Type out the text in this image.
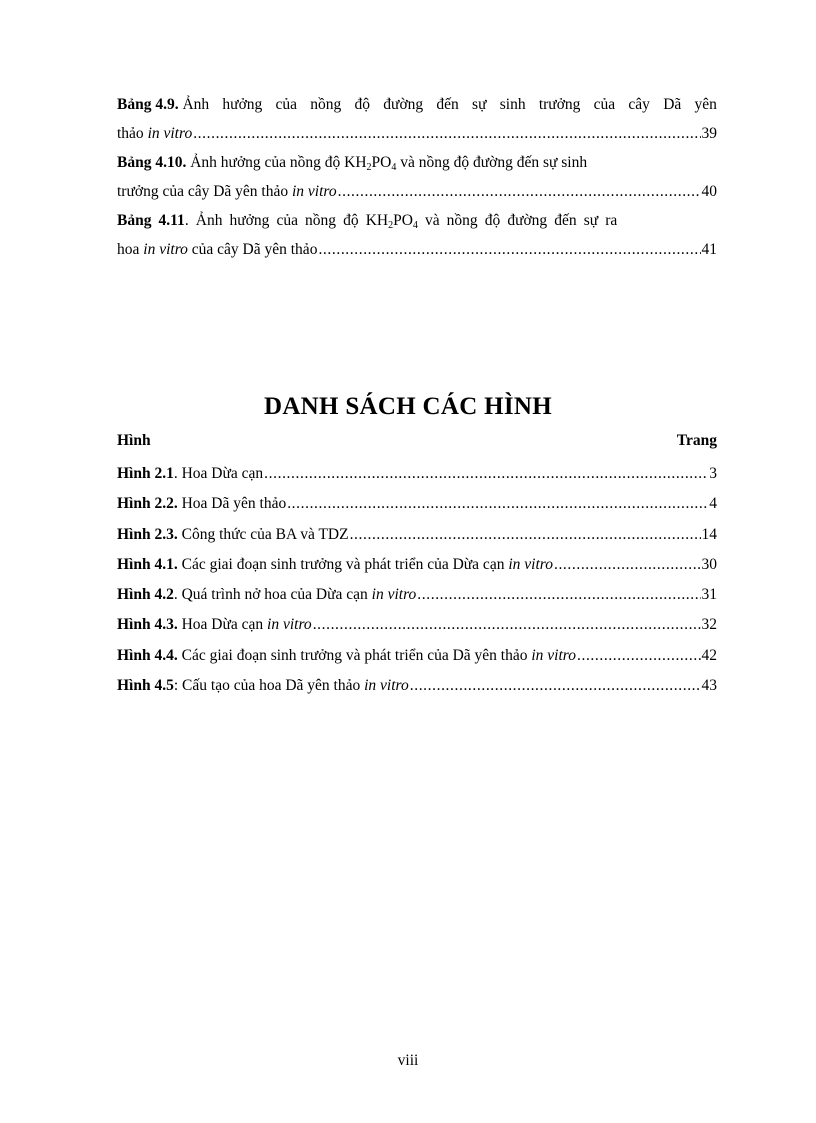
Bảng 4.9. Ảnh hưởng của nồng độ đường đến sự sinh trưởng của cây Dã yên
thảo in vitro .....	39
Bảng 4.10. Ảnh hưởng của nồng độ $KH_2PO_4$ và nồng độ đường đến sự sinh
trưởng của cây Dã yên thảo in vitro .....	40
Bảng 4.11. Ảnh hưởng của nồng độ $KH_2PO_4$ và nồng độ đường đến sự ra
hoa in vitro của cây Dã yên thảo .....	41
DANH SÁCH CÁC HÌNH
Hình	Trang
Hình 2.1. Hoa Dừa cạn .....	3
Hình 2.2. Hoa Dã yên thảo .....	4
Hình 2.3. Công thức của BA và TDZ .....	14
Hình 4.1. Các giai đoạn sinh trưởng và phát triển của Dừa cạn in vitro .....	30
Hình 4.2. Quá trình nở hoa của Dừa cạn in vitro .....	31
Hình 4.3. Hoa Dừa cạn in vitro .....	32
Hình 4.4. Các giai đoạn sinh trưởng và phát triển của Dã yên thảo in vitro .....	42
Hình 4.5: Cấu tạo của hoa Dã yên thảo in vitro .....	43
viii
